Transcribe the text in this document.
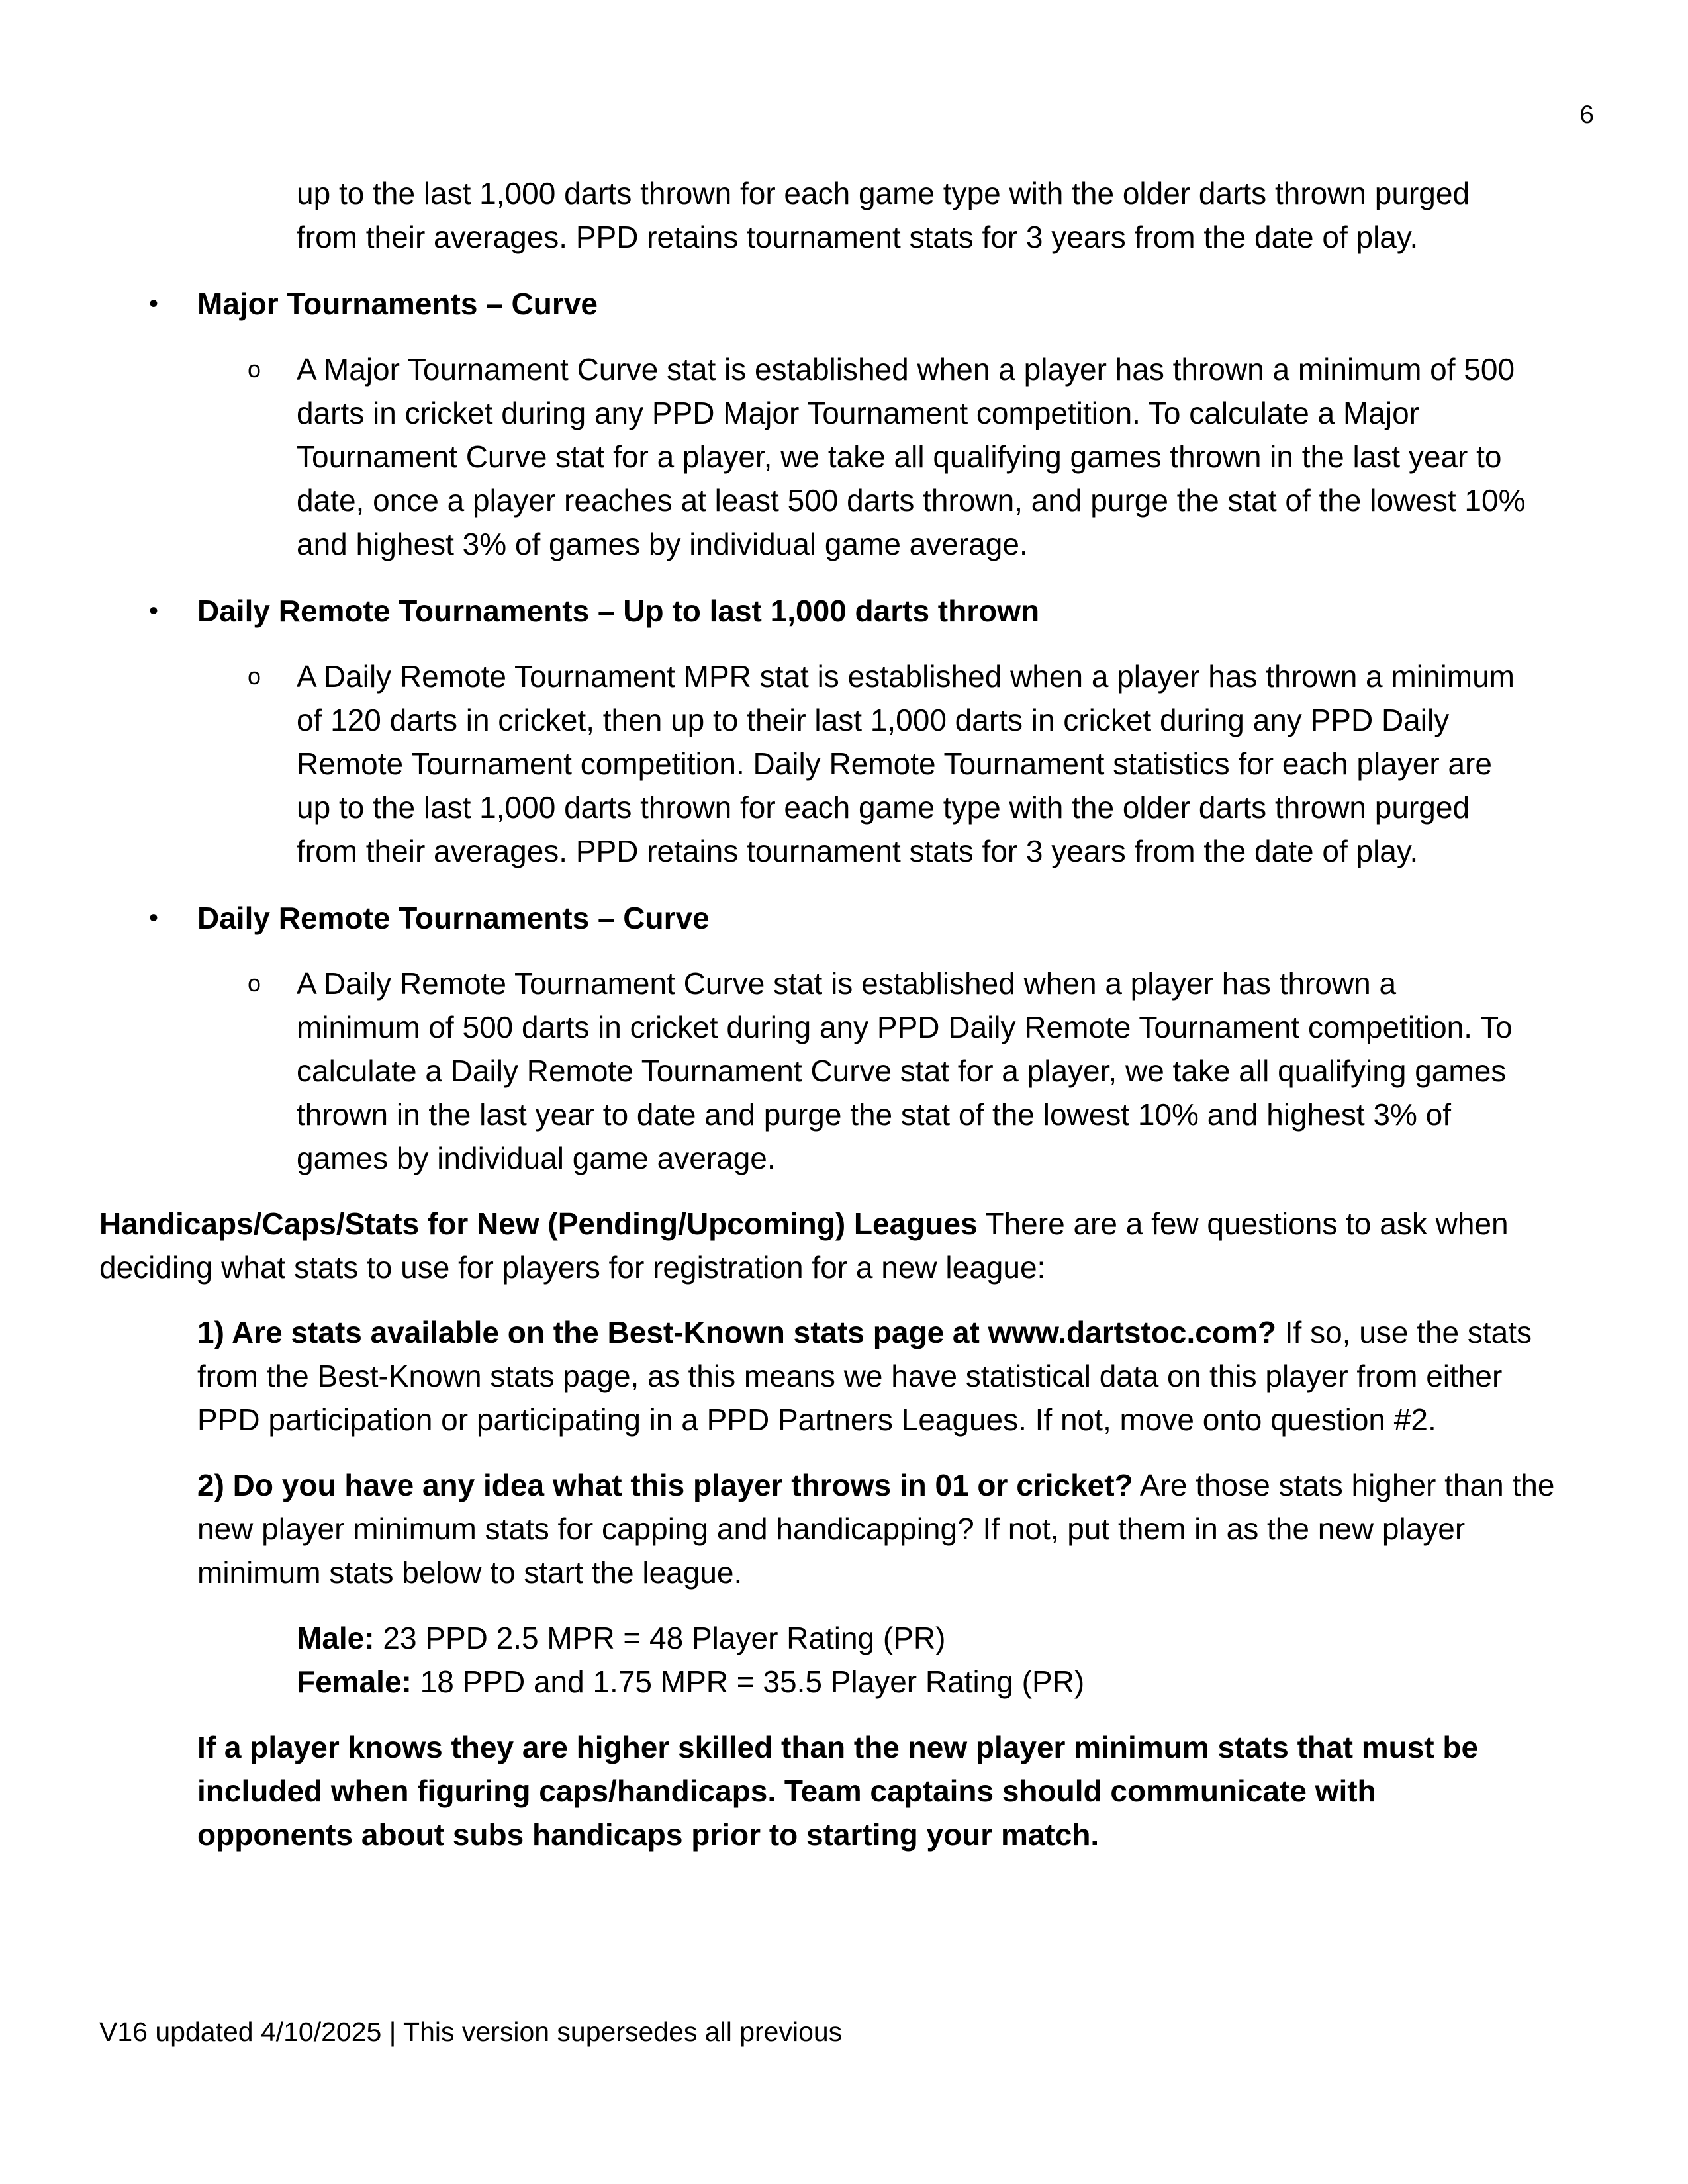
6
up to the last 1,000 darts thrown for each game type with the older darts thrown purged
from their averages. PPD retains tournament stats for 3 years from the date of play.
• Major Tournaments – Curve
o A Major Tournament Curve stat is established when a player has thrown a minimum of 500
darts in cricket during any PPD Major Tournament competition. To calculate a Major
Tournament Curve stat for a player, we take all qualifying games thrown in the last year to
date, once a player reaches at least 500 darts thrown, and purge the stat of the lowest 10%
and highest 3% of games by individual game average.
• Daily Remote Tournaments – Up to last 1,000 darts thrown
o A Daily Remote Tournament MPR stat is established when a player has thrown a minimum
of 120 darts in cricket, then up to their last 1,000 darts in cricket during any PPD Daily
Remote Tournament competition. Daily Remote Tournament statistics for each player are
up to the last 1,000 darts thrown for each game type with the older darts thrown purged
from their averages. PPD retains tournament stats for 3 years from the date of play.
• Daily Remote Tournaments – Curve
o A Daily Remote Tournament Curve stat is established when a player has thrown a
minimum of 500 darts in cricket during any PPD Daily Remote Tournament competition. To
calculate a Daily Remote Tournament Curve stat for a player, we take all qualifying games
thrown in the last year to date and purge the stat of the lowest 10% and highest 3% of
games by individual game average.
Handicaps/Caps/Stats for New (Pending/Upcoming) Leagues There are a few questions to ask when
deciding what stats to use for players for registration for a new league:
1) Are stats available on the Best-Known stats page at www.dartstoc.com? If so, use the stats
from the Best-Known stats page, as this means we have statistical data on this player from either
PPD participation or participating in a PPD Partners Leagues. If not, move onto question #2.
2) Do you have any idea what this player throws in 01 or cricket? Are those stats higher than the
new player minimum stats for capping and handicapping? If not, put them in as the new player
minimum stats below to start the league.
Male: 23 PPD 2.5 MPR = 48 Player Rating (PR)
Female: 18 PPD and 1.75 MPR = 35.5 Player Rating (PR)
If a player knows they are higher skilled than the new player minimum stats that must be
included when figuring caps/handicaps. Team captains should communicate with
opponents about subs handicaps prior to starting your match.
V16 updated 4/10/2025 | This version supersedes all previous
